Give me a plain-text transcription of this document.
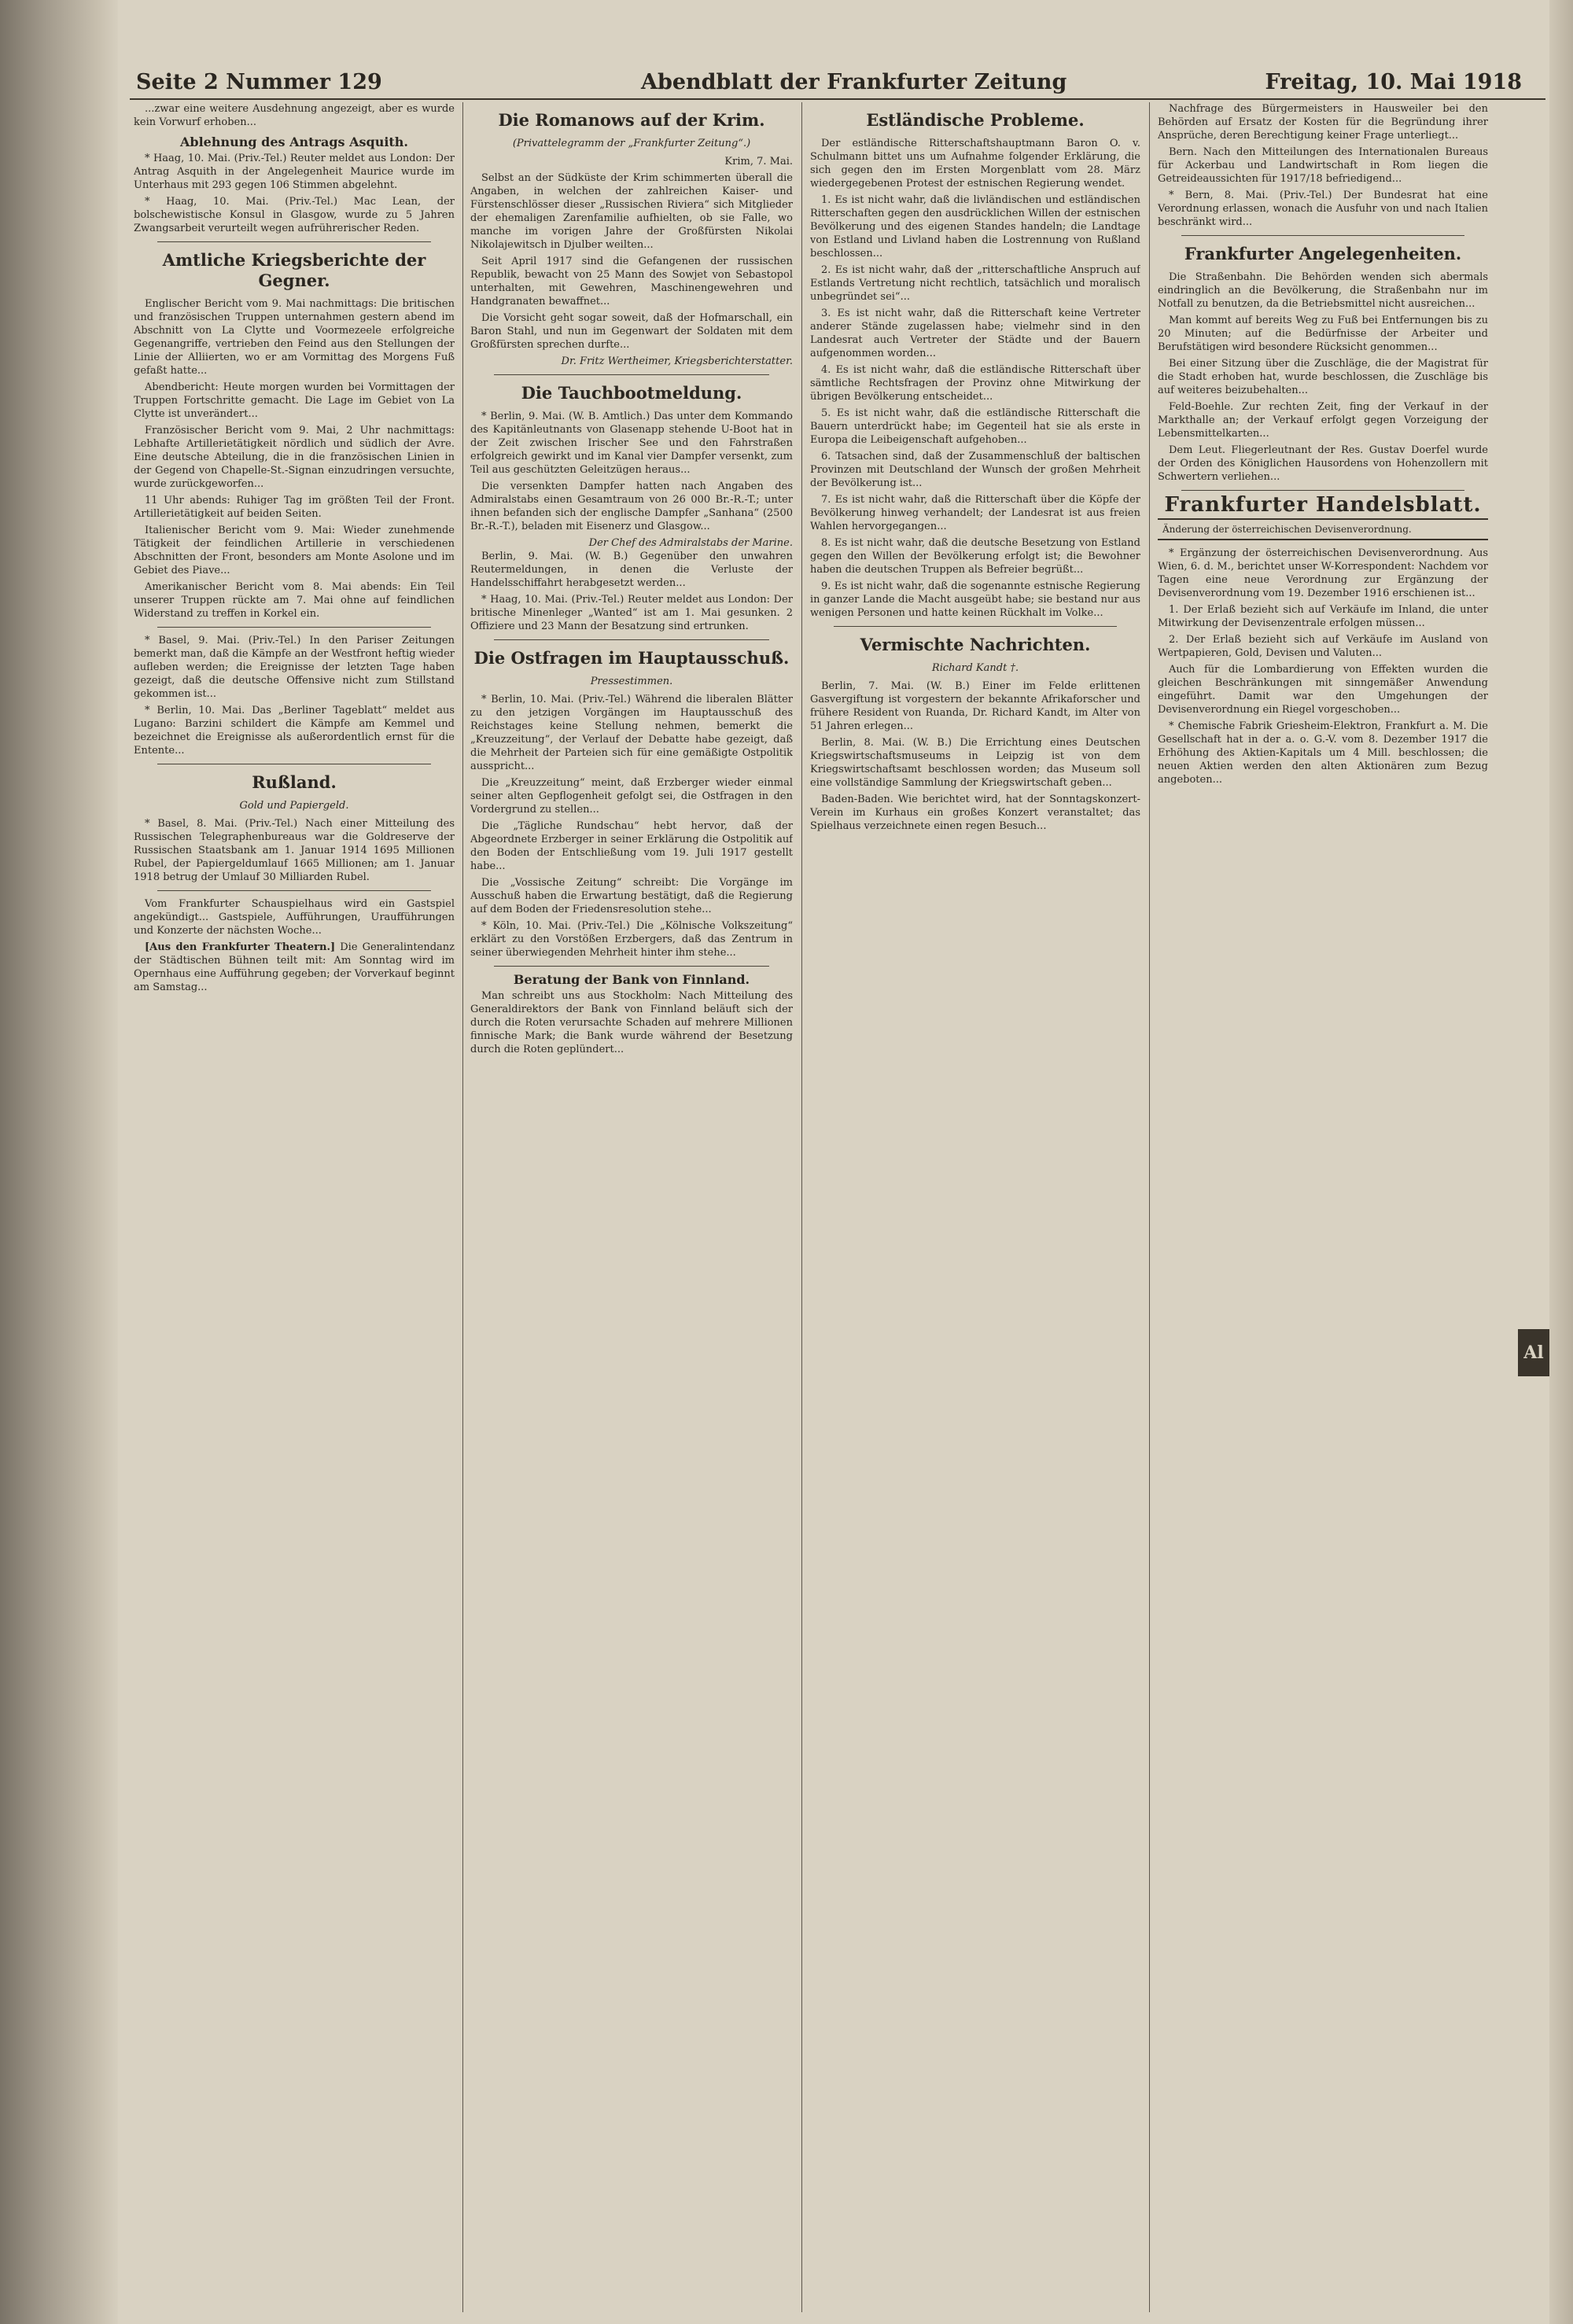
Seite 2 Nummer 129	Abendblatt der Frankfurter Zeitung	Freitag, 10. Mai 1918

...zwar eine weitere Ausdehnung angezeigt, aber es wurde kein Vorwurf erhoben...

Ablehnung des Antrags Asquith.

* Haag, 10. Mai. (Priv.-Tel.) Reuter meldet aus London: Der Antrag Asquith in der Angelegenheit Maurice wurde im Unterhaus mit 293 gegen 106 Stimmen abgelehnt.

* Haag, 10. Mai. (Priv.-Tel.) Mac Lean, der bolschewistische Konsul in Glasgow, wurde zu 5 Jahren Zwangsarbeit verurteilt wegen aufrührerischer Reden.

Amtliche Kriegsberichte der Gegner.

Englischer Bericht vom 9. Mai nachmittags: Die britischen und französischen Truppen unternahmen gestern abend im Abschnitt von La Clytte und Voormezeele erfolgreiche Gegenangriffe, vertrieben den Feind aus den Stellungen der Linie der Alliierten, wo er am Vormittag des Morgens Fuß gefaßt hatte...

Abendbericht: Heute morgen wurden bei Vormittagen der Truppen Fortschritte gemacht. Die Lage im Gebiet von La Clytte ist unverändert...

Französischer Bericht vom 9. Mai, 2 Uhr nachmittags: Lebhafte Artillerietätigkeit nördlich und südlich der Avre. Eine deutsche Abteilung, die in die französischen Linien in der Gegend von Chapelle-St.-Signan einzudringen versuchte, wurde zurückgeworfen...

11 Uhr abends: Ruhiger Tag im größten Teil der Front. Artillerietätigkeit auf beiden Seiten.

Italienischer Bericht vom 9. Mai: Wieder zunehmende Tätigkeit der feindlichen Artillerie in verschiedenen Abschnitten der Front, besonders am Monte Asolone und im Gebiet des Piave...

Amerikanischer Bericht vom 8. Mai abends: Ein Teil unserer Truppen rückte am 7. Mai ohne auf feindlichen Widerstand zu treffen in Korkel ein.

* Basel, 9. Mai. (Priv.-Tel.) In den Pariser Zeitungen bemerkt man, daß die Kämpfe an der Westfront heftig wieder aufleben werden; die Ereignisse der letzten Tage haben gezeigt, daß die deutsche Offensive nicht zum Stillstand gekommen ist...

* Berlin, 10. Mai. Das „Berliner Tageblatt“ meldet aus Lugano: Barzini schildert die Kämpfe am Kemmel und bezeichnet die Ereignisse als außerordentlich ernst für die Entente...

Rußland.
Gold und Papiergeld.

* Basel, 8. Mai. (Priv.-Tel.) Nach einer Mitteilung des Russischen Telegraphenbureaus war die Goldreserve der Russischen Staatsbank am 1. Januar 1914 1695 Millionen Rubel, der Papiergeldumlauf 1665 Millionen; am 1. Januar 1918 betrug der Umlauf 30 Milliarden Rubel.

Vom Frankfurter Schauspielhaus wird ein Gastspiel angekündigt... Gastspiele, Aufführungen, Uraufführungen und Konzerte der nächsten Woche...

[Aus den Frankfurter Theatern.] Die Generalintendanz der Städtischen Bühnen teilt mit: Am Sonntag wird im Opernhaus eine Aufführung gegeben; der Vorverkauf beginnt am Samstag...

Die Romanows auf der Krim.
(Privattelegramm der „Frankfurter Zeitung“.)
Krim, 7. Mai.

Selbst an der Südküste der Krim schimmerten überall die Angaben, in welchen der zahlreichen Kaiser- und Fürstenschlösser dieser „Russischen Riviera“ sich Mitglieder der ehemaligen Zarenfamilie aufhielten, ob sie Falle, wo manche im vorigen Jahre der Großfürsten Nikolai Nikolajewitsch in Djulber weilten...

Seit April 1917 sind die Gefangenen der russischen Republik, bewacht von 25 Mann des Sowjet von Sebastopol unterhalten, mit Gewehren, Maschinengewehren und Handgranaten bewaffnet...

Die Vorsicht geht sogar soweit, daß der Hofmarschall, ein Baron Stahl, und nun im Gegenwart der Soldaten mit dem Großfürsten sprechen durfte...

Dr. Fritz Wertheimer, Kriegsberichterstatter.
Die Tauchbootmeldung.

* Berlin, 9. Mai. (W. B. Amtlich.) Das unter dem Kommando des Kapitänleutnants von Glasenapp stehende U-Boot hat in der Zeit zwischen Irischer See und den Fahrstraßen erfolgreich gewirkt und im Kanal vier Dampfer versenkt, zum Teil aus geschützten Geleitzügen heraus...

Die versenkten Dampfer hatten nach Angaben des Admiralstabs einen Gesamtraum von 26 000 Br.-R.-T.; unter ihnen befanden sich der englische Dampfer „Sanhana“ (2500 Br.-R.-T.), beladen mit Eisenerz und Glasgow...

Der Chef des Admiralstabs der Marine.

Berlin, 9. Mai. (W. B.) Gegenüber den unwahren Reutermeldungen, in denen die Verluste der Handelsschiffahrt herabgesetzt werden...

* Haag, 10. Mai. (Priv.-Tel.) Reuter meldet aus London: Der britische Minenleger „Wanted“ ist am 1. Mai gesunken. 2 Offiziere und 23 Mann der Besatzung sind ertrunken.

Die Ostfragen im Hauptausschuß.
Pressestimmen.

* Berlin, 10. Mai. (Priv.-Tel.) Während die liberalen Blätter zu den jetzigen Vorgängen im Hauptausschuß des Reichstages keine Stellung nehmen, bemerkt die „Kreuzzeitung“, der Verlauf der Debatte habe gezeigt, daß die Mehrheit der Parteien sich für eine gemäßigte Ostpolitik ausspricht...

Die „Kreuzzeitung“ meint, daß Erzberger wieder einmal seiner alten Gepflogenheit gefolgt sei, die Ostfragen in den Vordergrund zu stellen...

Die „Tägliche Rundschau“ hebt hervor, daß der Abgeordnete Erzberger in seiner Erklärung die Ostpolitik auf den Boden der Entschließung vom 19. Juli 1917 gestellt habe...

Die „Vossische Zeitung“ schreibt: Die Vorgänge im Ausschuß haben die Erwartung bestätigt, daß die Regierung auf dem Boden der Friedensresolution stehe...

* Köln, 10. Mai. (Priv.-Tel.) Die „Kölnische Volkszeitung“ erklärt zu den Vorstößen Erzbergers, daß das Zentrum in seiner überwiegenden Mehrheit hinter ihm stehe...

Beratung der Bank von Finnland.

Man schreibt uns aus Stockholm: Nach Mitteilung des Generaldirektors der Bank von Finnland beläuft sich der durch die Roten verursachte Schaden auf mehrere Millionen finnische Mark; die Bank wurde während der Besetzung durch die Roten geplündert...

Estländische Probleme.

Der estländische Ritterschaftshauptmann Baron O. v. Schulmann bittet uns um Aufnahme folgender Erklärung, die sich gegen den im Ersten Morgenblatt vom 28. März wiedergegebenen Protest der estnischen Regierung wendet.

1. Es ist nicht wahr, daß die livländischen und estländischen Ritterschaften gegen den ausdrücklichen Willen der estnischen Bevölkerung und des eigenen Standes handeln; die Landtage von Estland und Livland haben die Lostrennung von Rußland beschlossen...

2. Es ist nicht wahr, daß der „ritterschaftliche Anspruch auf Estlands Vertretung nicht rechtlich, tatsächlich und moralisch unbegründet sei“...

3. Es ist nicht wahr, daß die Ritterschaft keine Vertreter anderer Stände zugelassen habe; vielmehr sind in den Landesrat auch Vertreter der Städte und der Bauern aufgenommen worden...

4. Es ist nicht wahr, daß die estländische Ritterschaft über sämtliche Rechtsfragen der Provinz ohne Mitwirkung der übrigen Bevölkerung entscheidet...

5. Es ist nicht wahr, daß die estländische Ritterschaft die Bauern unterdrückt habe; im Gegenteil hat sie als erste in Europa die Leibeigenschaft aufgehoben...

6. Tatsachen sind, daß der Zusammenschluß der baltischen Provinzen mit Deutschland der Wunsch der großen Mehrheit der Bevölkerung ist...

7. Es ist nicht wahr, daß die Ritterschaft über die Köpfe der Bevölkerung hinweg verhandelt; der Landesrat ist aus freien Wahlen hervorgegangen...

8. Es ist nicht wahr, daß die deutsche Besetzung von Estland gegen den Willen der Bevölkerung erfolgt ist; die Bewohner haben die deutschen Truppen als Befreier begrüßt...

9. Es ist nicht wahr, daß die sogenannte estnische Regierung in ganzer Lande die Macht ausgeübt habe; sie bestand nur aus wenigen Personen und hatte keinen Rückhalt im Volke...

Vermischte Nachrichten.
Richard Kandt †.

Berlin, 7. Mai. (W. B.) Einer im Felde erlittenen Gasvergiftung ist vorgestern der bekannte Afrikaforscher und frühere Resident von Ruanda, Dr. Richard Kandt, im Alter von 51 Jahren erlegen...

Berlin, 8. Mai. (W. B.) Die Errichtung eines Deutschen Kriegswirtschaftsmuseums in Leipzig ist von dem Kriegswirtschaftsamt beschlossen worden; das Museum soll eine vollständige Sammlung der Kriegswirtschaft geben...

Baden-Baden. Wie berichtet wird, hat der Sonntagskonzert-Verein im Kurhaus ein großes Konzert veranstaltet; das Spielhaus verzeichnete einen regen Besuch...

Nachfrage des Bürgermeisters in Hausweiler bei den Behörden auf Ersatz der Kosten für die Begründung ihrer Ansprüche, deren Berechtigung keiner Frage unterliegt...

Bern. Nach den Mitteilungen des Internationalen Bureaus für Ackerbau und Landwirtschaft in Rom liegen die Getreideaussichten für 1917/18 befriedigend...

* Bern, 8. Mai. (Priv.-Tel.) Der Bundesrat hat eine Verordnung erlassen, wonach die Ausfuhr von und nach Italien beschränkt wird...

Frankfurter Angelegenheiten.

Die Straßenbahn. Die Behörden wenden sich abermals eindringlich an die Bevölkerung, die Straßenbahn nur im Notfall zu benutzen, da die Betriebsmittel nicht ausreichen...

Man kommt auf bereits Weg zu Fuß bei Entfernungen bis zu 20 Minuten; auf die Bedürfnisse der Arbeiter und Berufstätigen wird besondere Rücksicht genommen...

Bei einer Sitzung über die Zuschläge, die der Magistrat für die Stadt erhoben hat, wurde beschlossen, die Zuschläge bis auf weiteres beizubehalten...

Feld-Boehle. Zur rechten Zeit, fing der Verkauf in der Markthalle an; der Verkauf erfolgt gegen Vorzeigung der Lebensmittelkarten...

Dem Leut. Fliegerleutnant der Res. Gustav Doerfel wurde der Orden des Königlichen Hausordens von Hohenzollern mit Schwertern verliehen...

Frankfurter Handelsblatt.
Änderung der österreichischen Devisenverordnung.

* Ergänzung der österreichischen Devisenverordnung. Aus Wien, 6. d. M., berichtet unser W-Korrespondent: Nachdem vor Tagen eine neue Verordnung zur Ergänzung der Devisenverordnung vom 19. Dezember 1916 erschienen ist...

1. Der Erlaß bezieht sich auf Verkäufe im Inland, die unter Mitwirkung der Devisenzentrale erfolgen müssen...

2. Der Erlaß bezieht sich auf Verkäufe im Ausland von Wertpapieren, Gold, Devisen und Valuten...

Auch für die Lombardierung von Effekten wurden die gleichen Beschränkungen mit sinngemäßer Anwendung eingeführt. Damit war den Umgehungen der Devisenverordnung ein Riegel vorgeschoben...

* Chemische Fabrik Griesheim-Elektron, Frankfurt a. M. Die Gesellschaft hat in der a. o. G.-V. vom 8. Dezember 1917 die Erhöhung des Aktien-Kapitals um 4 Mill. beschlossen; die neuen Aktien werden den alten Aktionären zum Bezug angeboten...

Al
